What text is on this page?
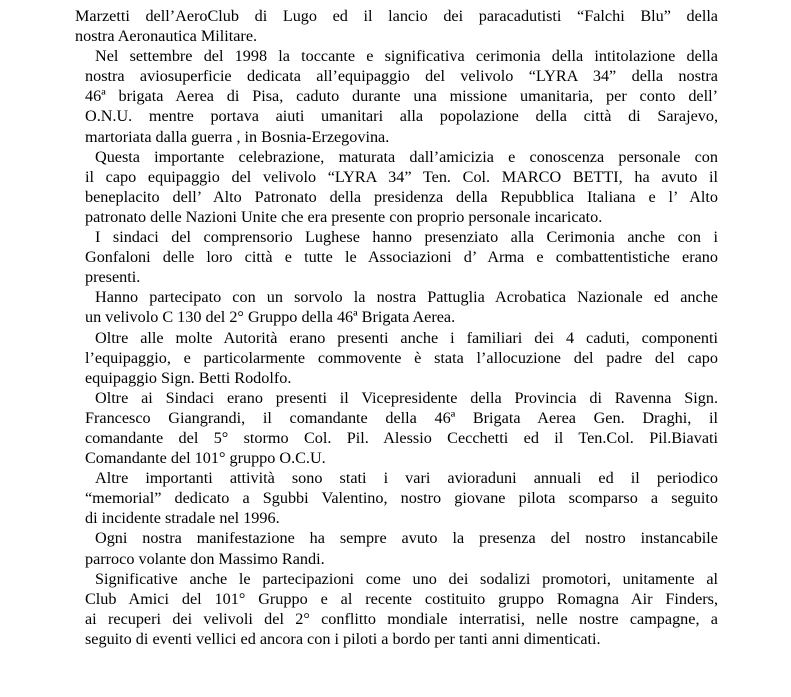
Marzetti dell’AeroClub di Lugo ed il lancio dei paracadutisti “Falchi Blu” della
nostra Aeronautica Militare.
Nel settembre del 1998 la toccante e significativa cerimonia della intitolazione della
nostra aviosuperficie dedicata all’equipaggio del velivolo “LYRA 34” della nostra
46ª brigata Aerea di Pisa, caduto durante una missione umanitaria, per conto dell’
O.N.U. mentre portava aiuti umanitari alla popolazione della città di Sarajevo,
martoriata dalla guerra , in Bosnia-Erzegovina.
Questa importante celebrazione, maturata dall’amicizia e conoscenza personale con
il capo equipaggio del velivolo “LYRA 34” Ten. Col. MARCO BETTI, ha avuto il
beneplacito dell’ Alto Patronato della presidenza della Repubblica Italiana e l’ Alto
patronato delle Nazioni Unite che era presente con proprio personale incaricato.
I sindaci del comprensorio Lughese hanno presenziato alla Cerimonia anche con i
Gonfaloni delle loro città e tutte le Associazioni d’ Arma e combattentistiche erano
presenti.
Hanno partecipato con un sorvolo la nostra Pattuglia Acrobatica Nazionale ed anche
un velivolo C 130 del 2° Gruppo della 46ª Brigata Aerea.
Oltre alle molte Autorità erano presenti anche i familiari dei 4 caduti, componenti
l’equipaggio, e particolarmente commovente è stata l’allocuzione del padre del capo
equipaggio Sign. Betti Rodolfo.
Oltre ai Sindaci erano presenti il Vicepresidente della Provincia di Ravenna Sign.
Francesco Giangrandi, il comandante della 46ª Brigata Aerea Gen. Draghi, il
comandante del 5° stormo Col. Pil. Alessio Cecchetti ed il Ten.Col. Pil.Biavati
Comandante del 101° gruppo O.C.U.
Altre importanti attività sono stati i vari avioraduni annuali ed il periodico
“memorial” dedicato a Sgubbi Valentino, nostro giovane pilota scomparso a seguito
di incidente stradale nel 1996.
Ogni nostra manifestazione ha sempre avuto la presenza del nostro instancabile
parroco volante don Massimo Randi.
Significative anche le partecipazioni come uno dei sodalizi promotori, unitamente al
Club Amici del 101° Gruppo e al recente costituito gruppo Romagna Air Finders,
ai recuperi dei velivoli del 2° conflitto mondiale interratisi, nelle nostre campagne, a
seguito di eventi vellici ed ancora con i piloti a bordo per tanti anni dimenticati.
